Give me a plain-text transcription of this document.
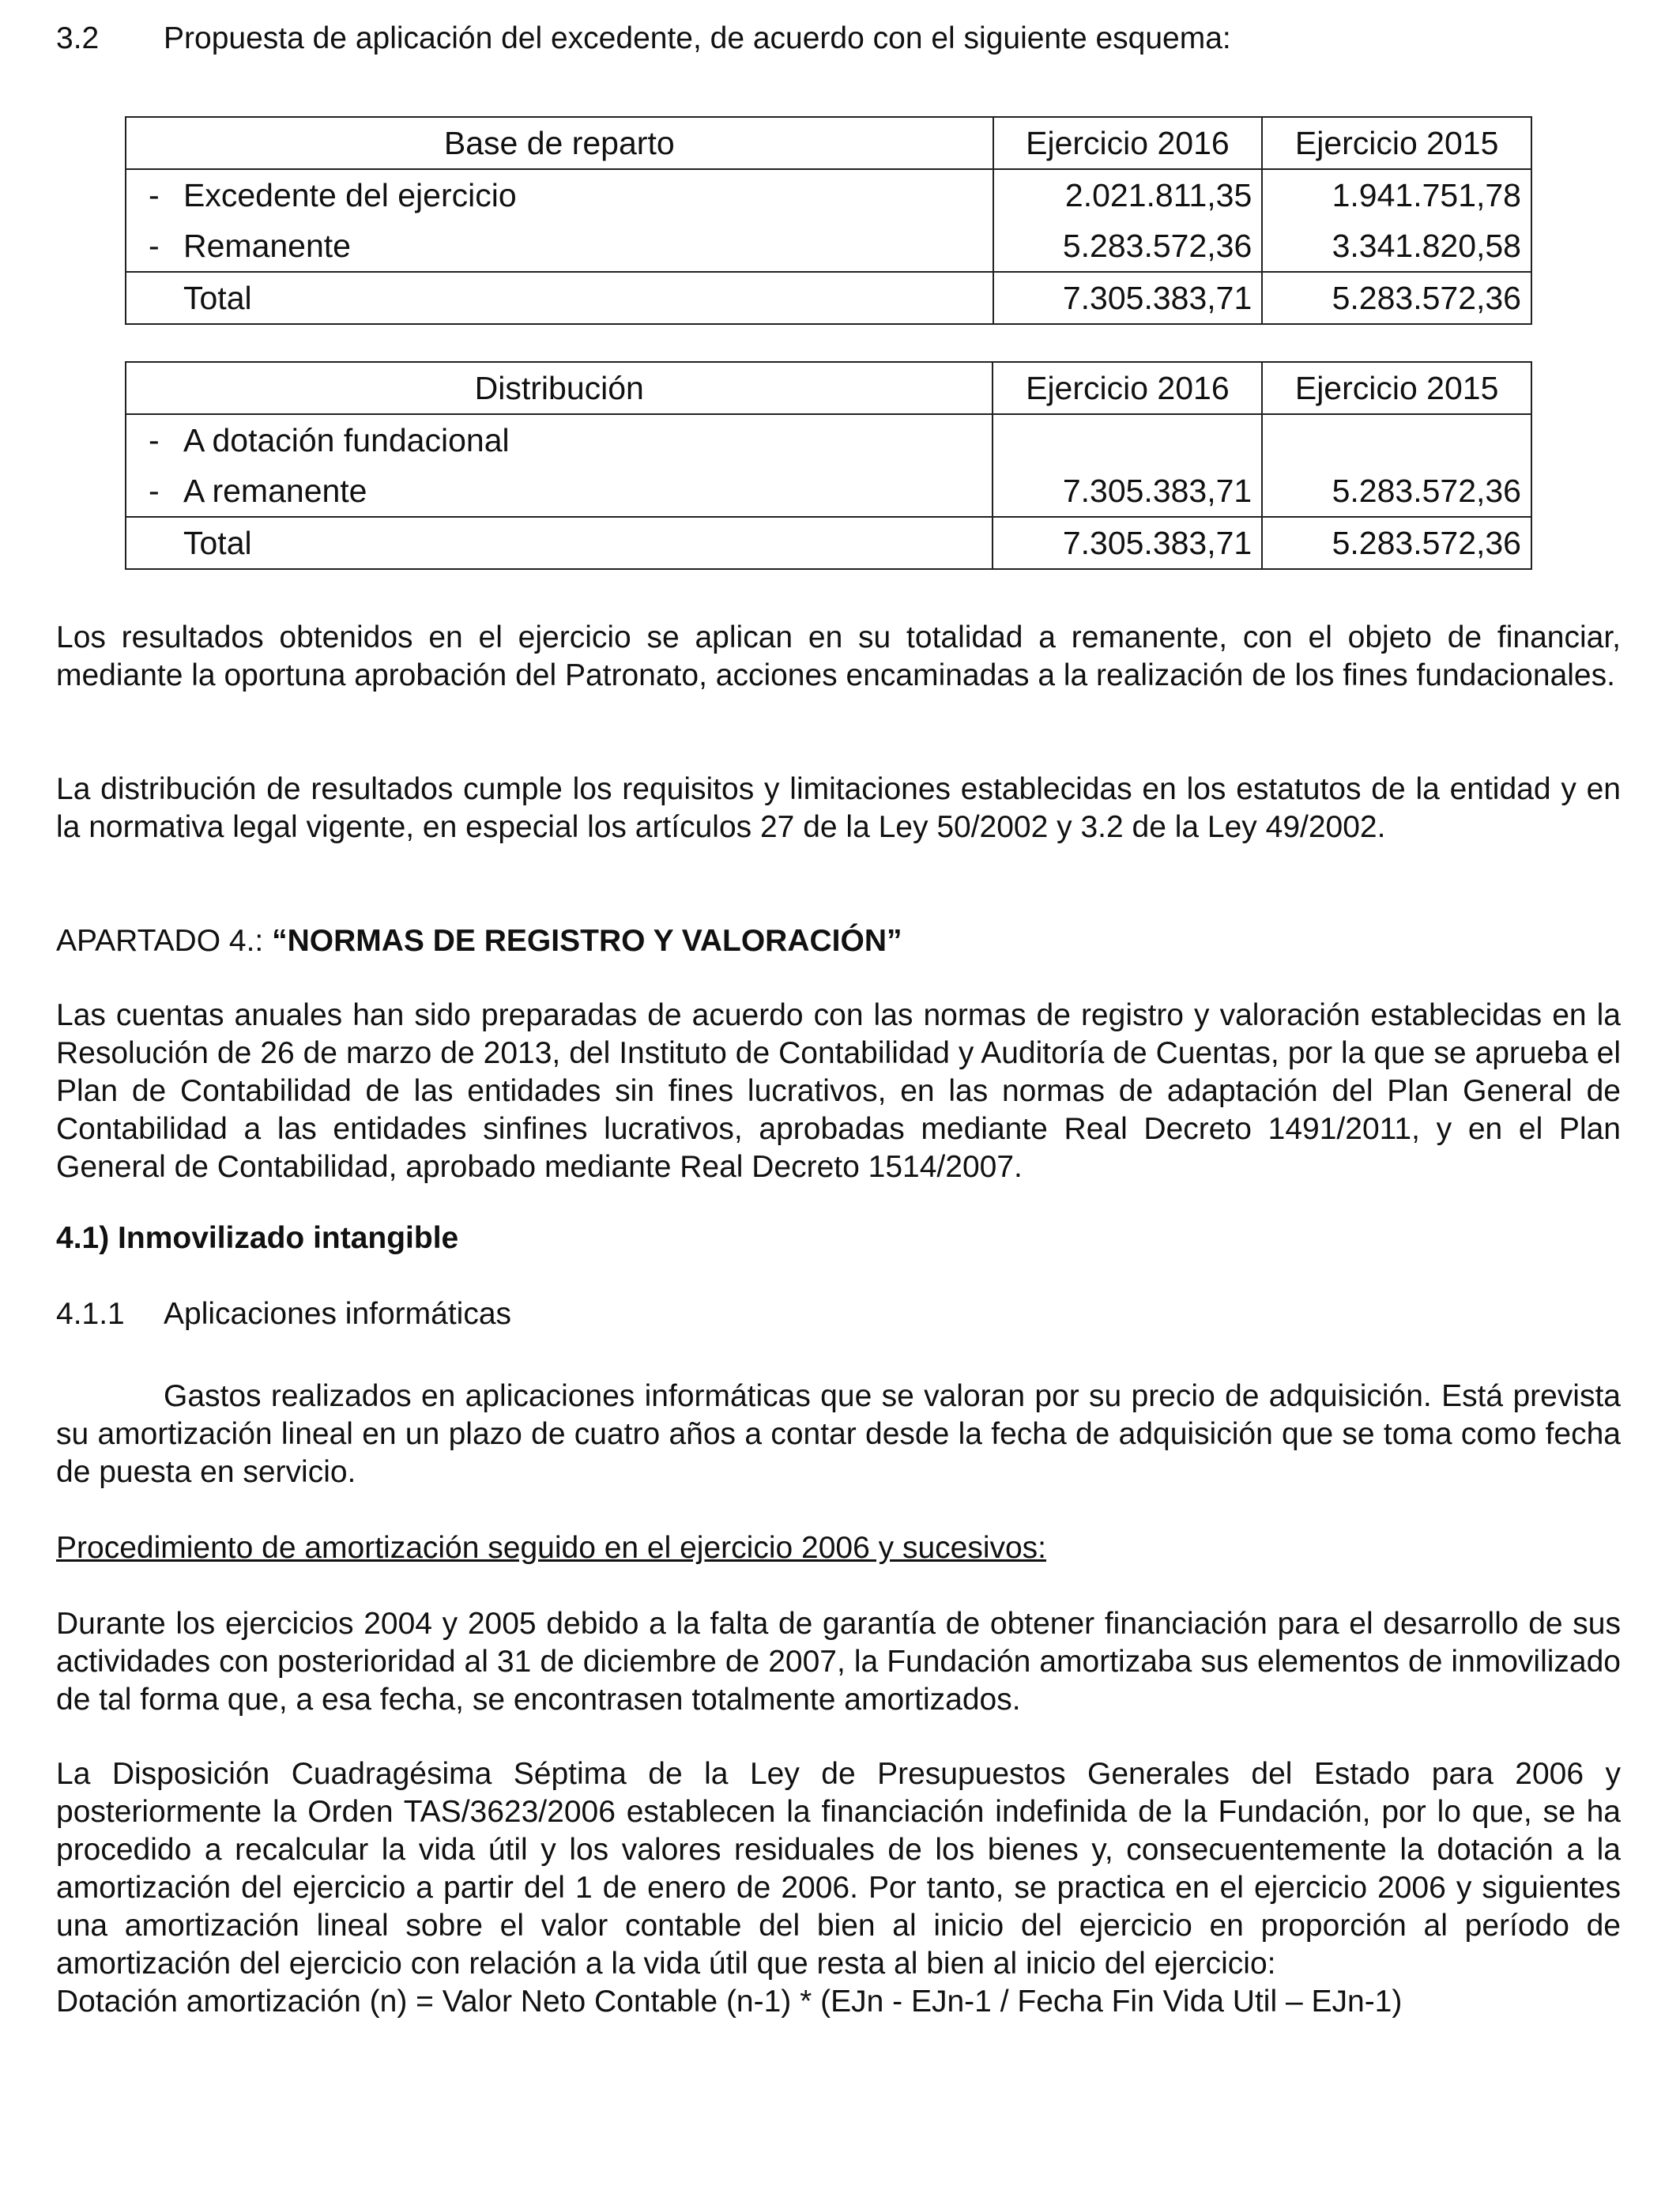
3.2 Propuesta de aplicación del excedente, de acuerdo con el siguiente esquema:
Base de reparto	Ejercicio 2016	Ejercicio 2015
- Excedente del ejercicio	2.021.811,35	1.941.751,78
- Remanente	5.283.572,36	3.341.820,58
Total	7.305.383,71	5.283.572,36
Distribución	Ejercicio 2016	Ejercicio 2015
- A dotación fundacional		
- A remanente	7.305.383,71	5.283.572,36
Total	7.305.383,71	5.283.572,36

Los resultados obtenidos en el ejercicio se aplican en su totalidad a remanente, con el objeto de financiar, mediante la oportuna aprobación del Patronato, acciones encaminadas a la realización de los fines fundacionales.

La distribución de resultados cumple los requisitos y limitaciones establecidas en los estatutos de la entidad y en la normativa legal vigente, en especial los artículos 27 de la Ley 50/2002 y 3.2 de la Ley 49/2002.

APARTADO 4.: “NORMAS DE REGISTRO Y VALORACIÓN”

Las cuentas anuales han sido preparadas de acuerdo con las normas de registro y valoración establecidas en la Resolución de 26 de marzo de 2013, del Instituto de Contabilidad y Auditoría de Cuentas, por la que se aprueba el Plan de Contabilidad de las entidades sin fines lucrativos, en las normas de adaptación del Plan General de Contabilidad a las entidades sinfines lucrativos, aprobadas mediante Real Decreto 1491/2011, y en el Plan General de Contabilidad, aprobado mediante Real Decreto 1514/2007.

4.1) Inmovilizado intangible

4.1.1 Aplicaciones informáticas

Gastos realizados en aplicaciones informáticas que se valoran por su precio de adquisición. Está prevista su amortización lineal en un plazo de cuatro años a contar desde la fecha de adquisición que se toma como fecha de puesta en servicio.

Procedimiento de amortización seguido en el ejercicio 2006 y sucesivos:

Durante los ejercicios 2004 y 2005 debido a la falta de garantía de obtener financiación para el desarrollo de sus actividades con posterioridad al 31 de diciembre de 2007, la Fundación amortizaba sus elementos de inmovilizado de tal forma que, a esa fecha, se encontrasen totalmente amortizados.

La Disposición Cuadragésima Séptima de la Ley de Presupuestos Generales del Estado para 2006 y posteriormente la Orden TAS/3623/2006 establecen la financiación indefinida de la Fundación, por lo que, se ha procedido a recalcular la vida útil y los valores residuales de los bienes y, consecuentemente la dotación a la amortización del ejercicio a partir del 1 de enero de 2006. Por tanto, se practica en el ejercicio 2006 y siguientes una amortización lineal sobre el valor contable del bien al inicio del ejercicio en proporción al período de amortización del ejercicio con relación a la vida útil que resta al bien al inicio del ejercicio:

Dotación amortización (n) = Valor Neto Contable (n-1) * (EJn - EJn-1 / Fecha Fin Vida Util – EJn-1)
